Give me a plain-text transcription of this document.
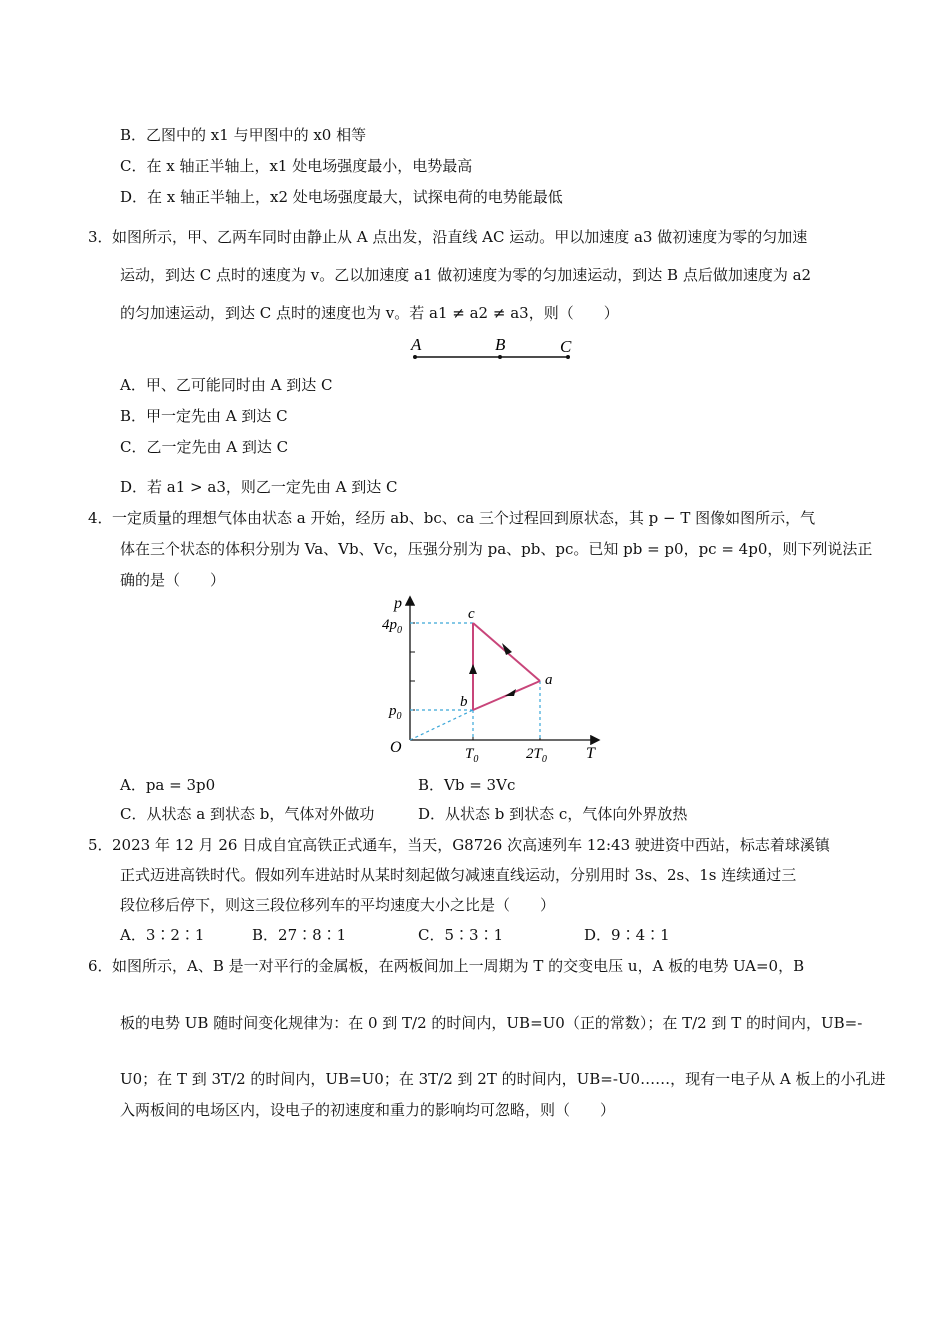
B．乙图中的 x1 与甲图中的 x0 相等
C．在 x 轴正半轴上，x1 处电场强度最小，电势最高
D．在 x 轴正半轴上，x2 处电场强度最大，试探电荷的电势能最低
3． 如图所示，甲、乙两车同时由静止从 A 点出发，沿直线 AC 运动。甲以加速度 a3 做初速度为零的匀加速
运动，到达 C 点时的速度为 v。乙以加速度 a1 做初速度为零的匀加速运动，到达 B 点后做加速度为 a2
的匀加速运动，到达 C 点时的速度也为 v。若 a1 ≠ a2 ≠ a3，则（　　）
A	B	C
A．甲、乙可能同时由 A 到达 C
B．甲一定先由 A 到达 C
C．乙一定先由 A 到达 C
D．若 a1 > a3，则乙一定先由 A 到达 C
4． 一定质量的理想气体由状态 a 开始，经历 ab、bc、ca 三个过程回到原状态，其 p − T 图像如图所示，气
体在三个状态的体积分别为 Va、Vb、Vc，压强分别为 pa、pb、pc。已知 pb = p0，pc = 4p0，则下列说法正
确的是（　　）
p
T
O
$4p_0$
$p_0$
$T_0$	$2T_0$
c
b
a
A．pa = 3p0	B．Vb = 3Vc
C．从状态 a 到状态 b，气体对外做功	D．从状态 b 到状态 c，气体向外界放热
5． 2023 年 12 月 26 日成自宜高铁正式通车，当天，G8726 次高速列车 12:43 驶进资中西站，标志着球溪镇
正式迈进高铁时代。假如列车进站时从某时刻起做匀减速直线运动，分别用时 3s、2s、1s 连续通过三
段位移后停下，则这三段位移列车的平均速度大小之比是（　　）
A．3∶2∶1	B．27∶8∶1	C．5∶3∶1	D．9∶4∶1
6． 如图所示，A、B 是一对平行的金属板，在两板间加上一周期为 T 的交变电压 u，A 板的电势 UA=0，B
板的电势 UB 随时间变化规律为：在 0 到 T/2 的时间内，UB=U0（正的常数）；在 T/2 到 T 的时间内，UB=-
U0；在 T 到 3T/2 的时间内，UB=U0；在 3T/2 到 2T 的时间内，UB=-U0……，现有一电子从 A 板上的小孔进
入两板间的电场区内，设电子的初速度和重力的影响均可忽略，则（　　）
